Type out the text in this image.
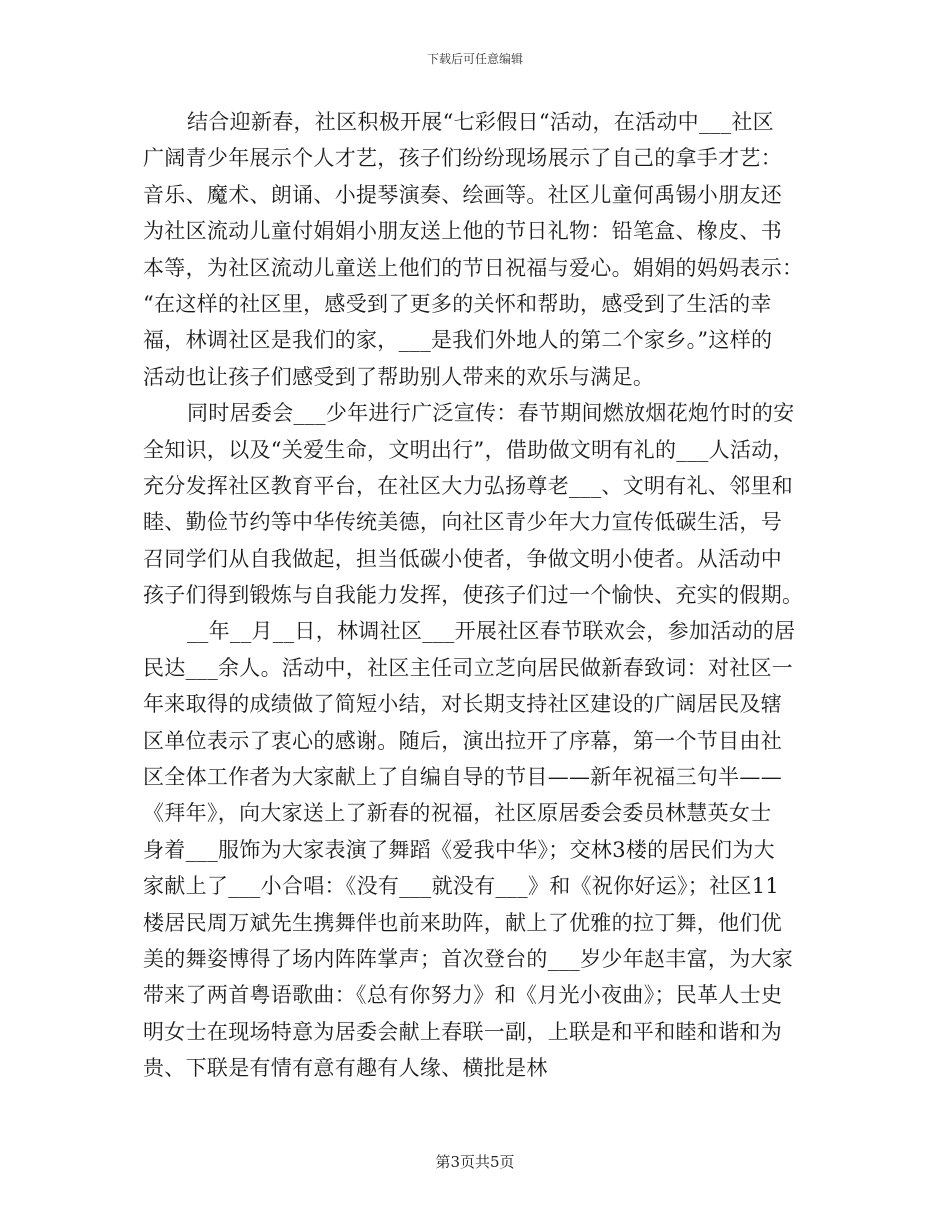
下载后可任意编辑
结合迎新春，社区积极开展“七彩假日“活动，在活动中___社区
广阔青少年展示个人才艺，孩子们纷纷现场展示了自己的拿手才艺：
音乐、魔术、朗诵、小提琴演奏、绘画等。社区儿童何禹锡小朋友还
为社区流动儿童付娟娟小朋友送上他的节日礼物：铅笔盒、橡皮、书
本等，为社区流动儿童送上他们的节日祝福与爱心。娟娟的妈妈表示：
“在这样的社区里，感受到了更多的关怀和帮助，感受到了生活的幸
福，林调社区是我们的家，___是我们外地人的第二个家乡。”这样的
活动也让孩子们感受到了帮助别人带来的欢乐与满足。
同时居委会___少年进行广泛宣传：春节期间燃放烟花炮竹时的安
全知识，以及“关爱生命，文明出行”，借助做文明有礼的___人活动，
充分发挥社区教育平台，在社区大力弘扬尊老___、文明有礼、邻里和
睦、勤俭节约等中华传统美德，向社区青少年大力宣传低碳生活，号
召同学们从自我做起，担当低碳小使者，争做文明小使者。从活动中
孩子们得到锻炼与自我能力发挥，使孩子们过一个愉快、充实的假期。
__年__月__日，林调社区___开展社区春节联欢会，参加活动的居
民达___余人。活动中，社区主任司立芝向居民做新春致词：对社区一
年来取得的成绩做了简短小结，对长期支持社区建设的广阔居民及辖
区单位表示了衷心的感谢。随后，演出拉开了序幕，第一个节目由社
区全体工作者为大家献上了自编自导的节目——新年祝福三句半——
《拜年》，向大家送上了新春的祝福，社区原居委会委员林慧英女士
身着___服饰为大家表演了舞蹈《爱我中华》；交林3楼的居民们为大
家献上了___小合唱：《没有___就没有___》和《祝你好运》；社区11
楼居民周万斌先生携舞伴也前来助阵，献上了优雅的拉丁舞，他们优
美的舞姿博得了场内阵阵掌声；首次登台的___岁少年赵丰富，为大家
带来了两首粤语歌曲：《总有你努力》和《月光小夜曲》；民革人士史
明女士在现场特意为居委会献上春联一副，上联是和平和睦和谐和为
贵、下联是有情有意有趣有人缘、横批是林
第3页共5页
